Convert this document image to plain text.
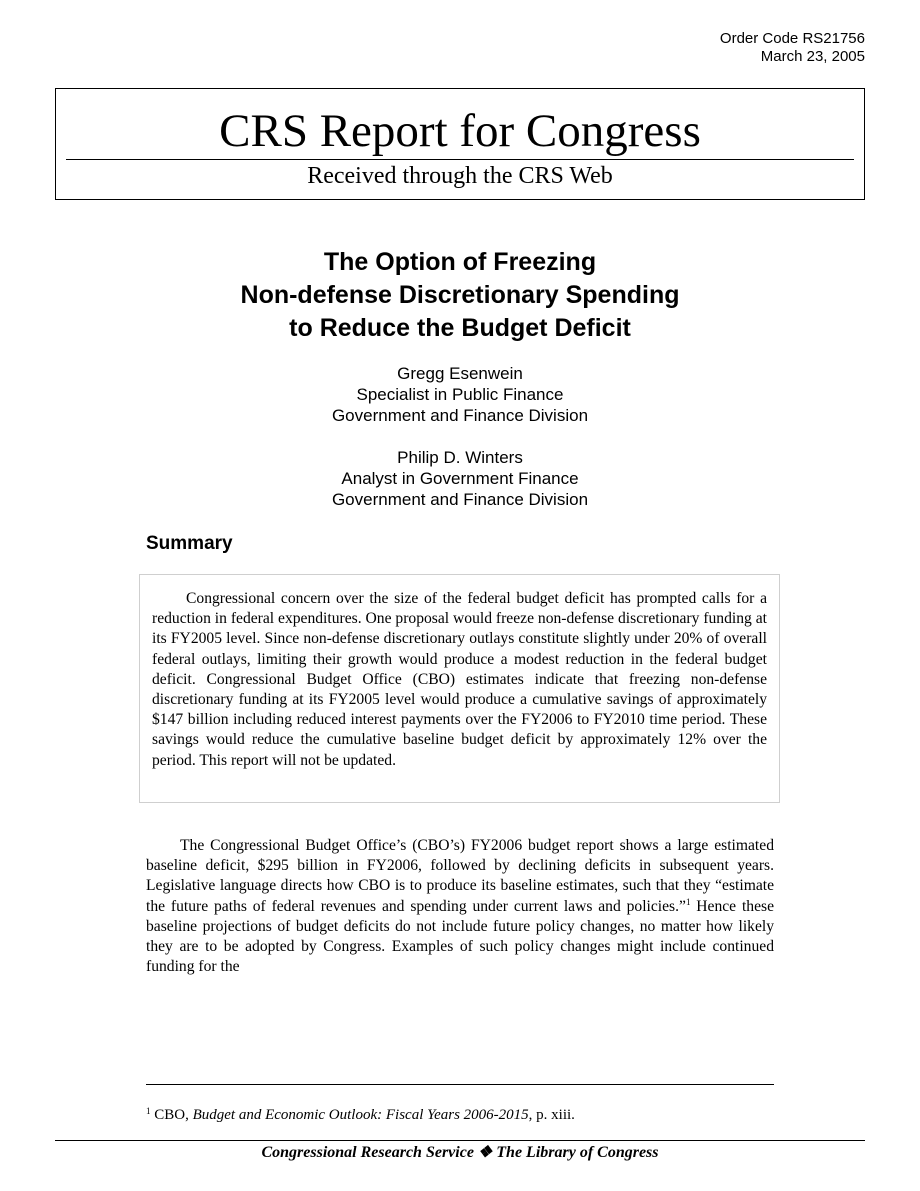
Order Code RS21756
March 23, 2005
CRS Report for Congress
Received through the CRS Web
The Option of Freezing
Non-defense Discretionary Spending
to Reduce the Budget Deficit
Gregg Esenwein
Specialist in Public Finance
Government and Finance Division
Philip D. Winters
Analyst in Government Finance
Government and Finance Division
Summary

Congressional concern over the size of the federal budget deficit has prompted calls for a reduction in federal expenditures. One proposal would freeze non-defense discretionary funding at its FY2005 level. Since non-defense discretionary outlays constitute slightly under 20% of overall federal outlays, limiting their growth would produce a modest reduction in the federal budget deficit. Congressional Budget Office (CBO) estimates indicate that freezing non-defense discretionary funding at its FY2005 level would produce a cumulative savings of approximately $147 billion including reduced interest payments over the FY2006 to FY2010 time period. These savings would reduce the cumulative baseline budget deficit by approximately 12% over the period. This report will not be updated.

The Congressional Budget Office’s (CBO’s) FY2006 budget report shows a large estimated baseline deficit, $295 billion in FY2006, followed by declining deficits in subsequent years. Legislative language directs how CBO is to produce its baseline estimates, such that they “estimate the future paths of federal revenues and spending under current laws and policies.”$^1$ Hence these baseline projections of budget deficits do not include future policy changes, no matter how likely they are to be adopted by Congress. Examples of such policy changes might include continued funding for the

$^1$ CBO, Budget and Economic Outlook: Fiscal Years 2006-2015, p. xiii.
Congressional Research Service ❖ The Library of Congress
